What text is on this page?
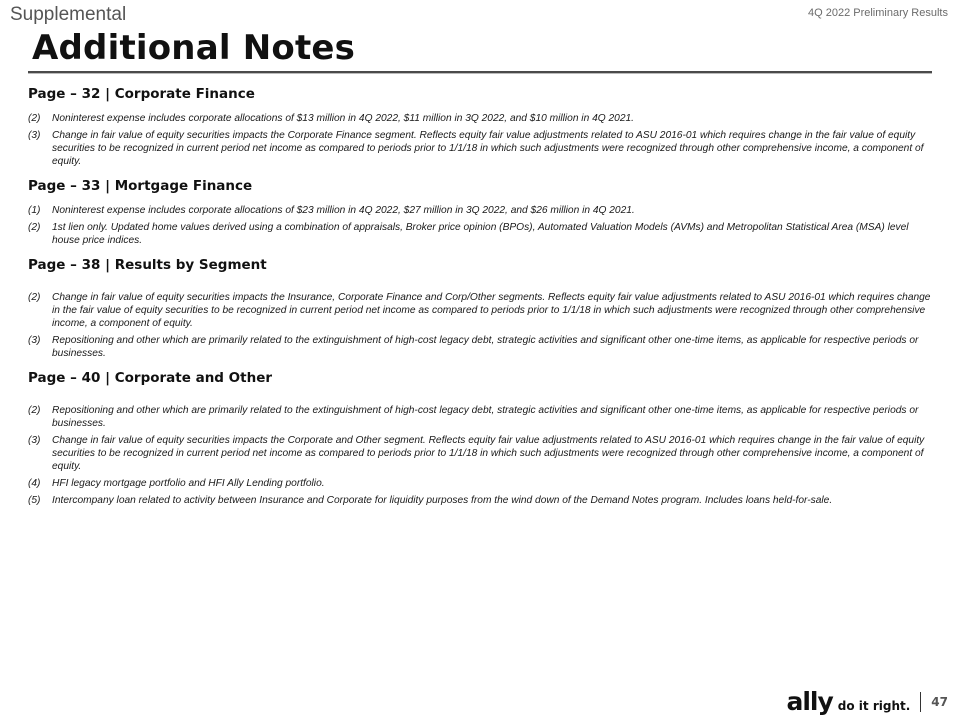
Supplemental	4Q 2022 Preliminary Results
Additional Notes
Page – 32 | Corporate Finance
(2)	Noninterest expense includes corporate allocations of $13 million in 4Q 2022, $11 million in 3Q 2022, and $10 million in 4Q 2021.
(3)	Change in fair value of equity securities impacts the Corporate Finance segment. Reflects equity fair value adjustments related to ASU 2016-01 which requires change in the fair value of equity securities to be recognized in current period net income as compared to periods prior to 1/1/18 in which such adjustments were recognized through other comprehensive income, a component of equity.
Page – 33 | Mortgage Finance
(1)	Noninterest expense includes corporate allocations of $23 million in 4Q 2022, $27 million in 3Q 2022, and $26 million in 4Q 2021.
(2)	1st lien only. Updated home values derived using a combination of appraisals, Broker price opinion (BPOs), Automated Valuation Models (AVMs) and Metropolitan Statistical Area (MSA) level house price indices.
Page – 38 | Results by Segment
(2)	Change in fair value of equity securities impacts the Insurance, Corporate Finance and Corp/Other segments. Reflects equity fair value adjustments related to ASU 2016-01 which requires change in the fair value of equity securities to be recognized in current period net income as compared to periods prior to 1/1/18 in which such adjustments were recognized through other comprehensive income, a component of equity.
(3)	Repositioning and other which are primarily related to the extinguishment of high-cost legacy debt, strategic activities and significant other one-time items, as applicable for respective periods or businesses.
Page – 40 | Corporate and Other
(2)	Repositioning and other which are primarily related to the extinguishment of high-cost legacy debt, strategic activities and significant other one-time items, as applicable for respective periods or businesses.
(3)	Change in fair value of equity securities impacts the Corporate and Other segment. Reflects equity fair value adjustments related to ASU 2016-01 which requires change in the fair value of equity securities to be recognized in current period net income as compared to periods prior to 1/1/18 in which such adjustments were recognized through other comprehensive income, a component of equity.
(4)	HFI legacy mortgage portfolio and HFI Ally Lending portfolio.
(5)	Intercompany loan related to activity between Insurance and Corporate for liquidity purposes from the wind down of the Demand Notes program. Includes loans held-for-sale.
ally do it right. 47
